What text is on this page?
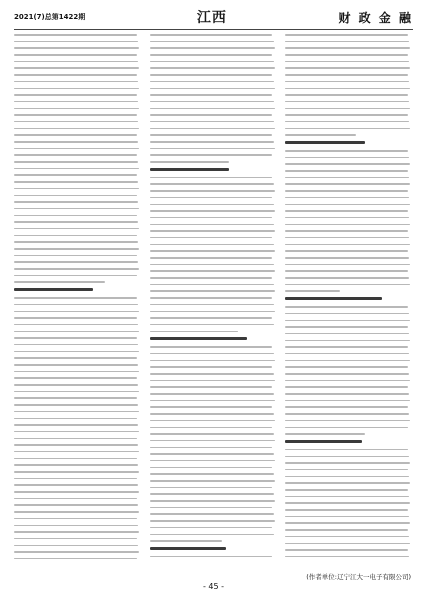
2021(7)总第1422期	江西	财 政 金 融
(作者单位:辽宁江大一电子有限公司)
- 45 -
